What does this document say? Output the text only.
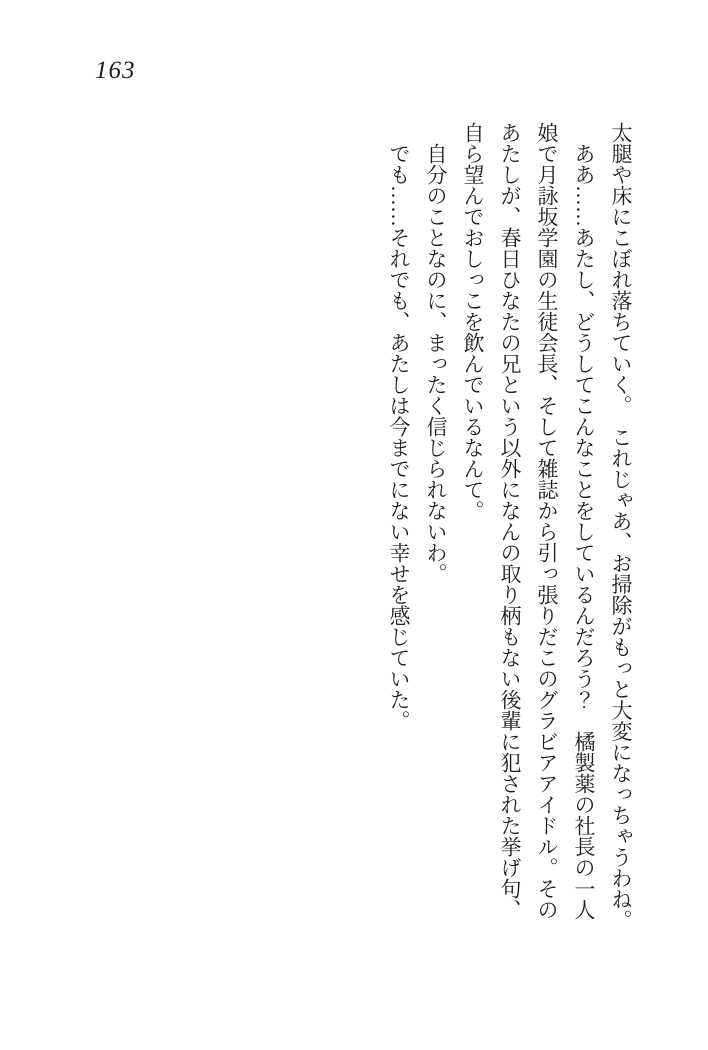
163
太腿や床にこぼれ落ちていく。　これじゃあ、お掃除がもっと大変になっちゃうわね。
　ああ……あたし、どうしてこんなことをしているんだろう？　橘製薬の社長の一人
娘で月詠坂学園の生徒会長、そして雑誌から引っ張りだこのグラビアアイドル。その
あたしが、春日ひなたの兄という以外になんの取り柄もない後輩に犯された挙げ句、
自ら望んでおしっこを飲んでいるなんて。
　自分のことなのに、まったく信じられないわ。
　でも……それでも、あたしは今までにない幸せを感じていた。
